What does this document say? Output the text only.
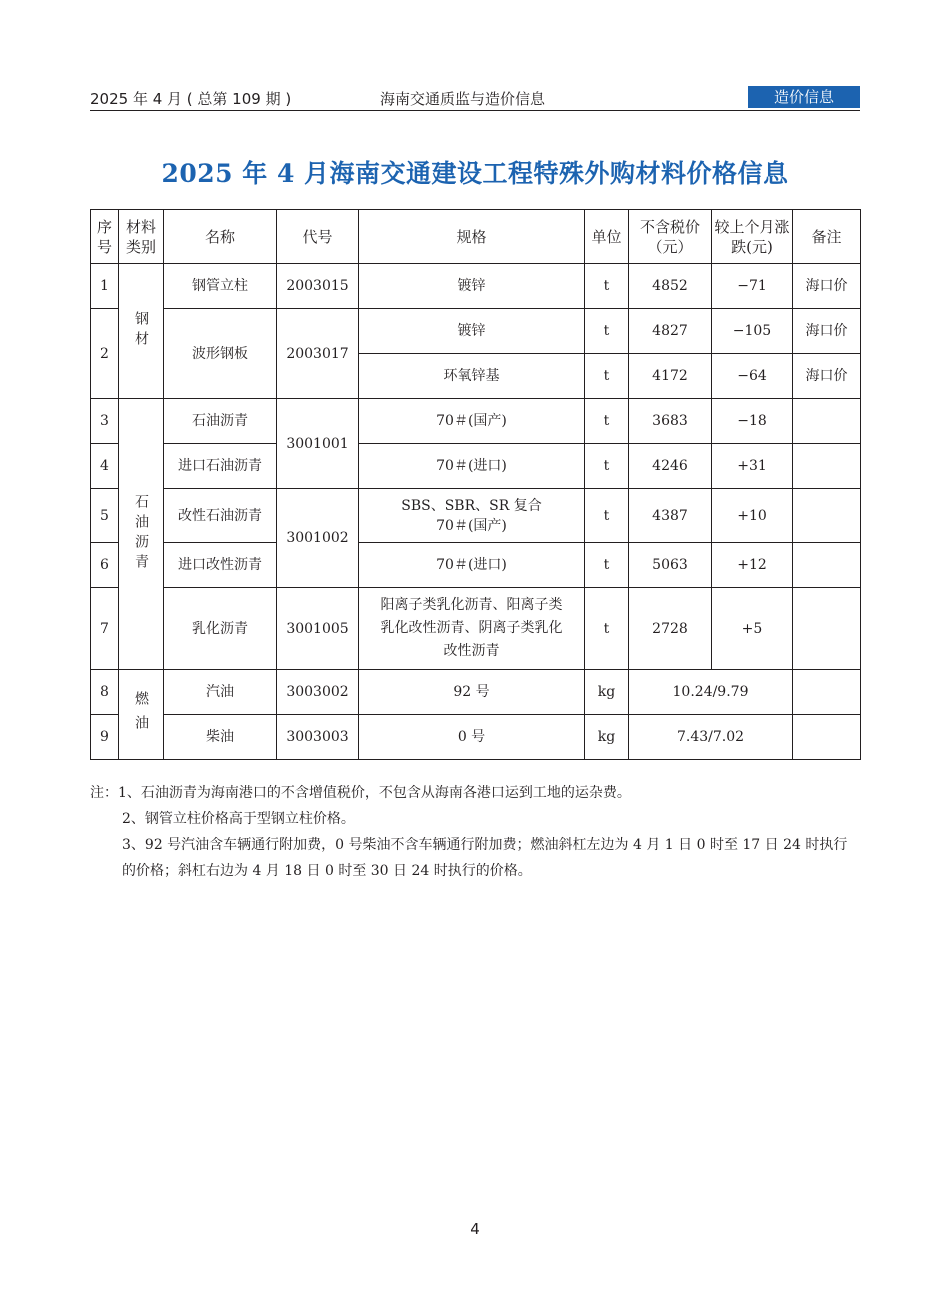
2025 年 4 月 ( 总第 109 期 )	海南交通质监与造价信息	造价信息
2025 年 4 月海南交通建设工程特殊外购材料价格信息
序号	材料类别	名称	代号	规格	单位	不含税价（元）	较上个月涨跌(元)	备注
1	钢材	钢管立柱	2003015	镀锌	t	4852	−71	海口价
2		波形钢板	2003017	镀锌	t	4827	−105	海口价
				环氧锌基	t	4172	−64	海口价
3	石油沥青	石油沥青	3001001	70＃(国产)	t	3683	−18	
4		进口石油沥青		70＃(进口)	t	4246	+31	
5		改性石油沥青	3001002	SBS、SBR、SR 复合
70＃(国产)	t	4387	+10	
6		进口改性沥青		70＃(进口)	t	5063	+12	
7		乳化沥青	3001005	阳离子类乳化沥青、阳离子类
乳化改性沥青、阴离子类乳化
改性沥青	t	2728	+5	
8	燃油	汽油	3003002	92 号	kg	10.24/9.79		
9		柴油	3003003	0 号	kg	7.43/7.02		

注：1、石油沥青为海南港口的不含增值税价，不包含从海南各港口运到工地的运杂费。

2、钢管立柱价格高于型钢立柱价格。

3、92 号汽油含车辆通行附加费，0 号柴油不含车辆通行附加费；燃油斜杠左边为 4 月 1 日 0 时至 17 日 24 时执行的价格；斜杠右边为 4 月 18 日 0 时至 30 日 24 时执行的价格。

4
